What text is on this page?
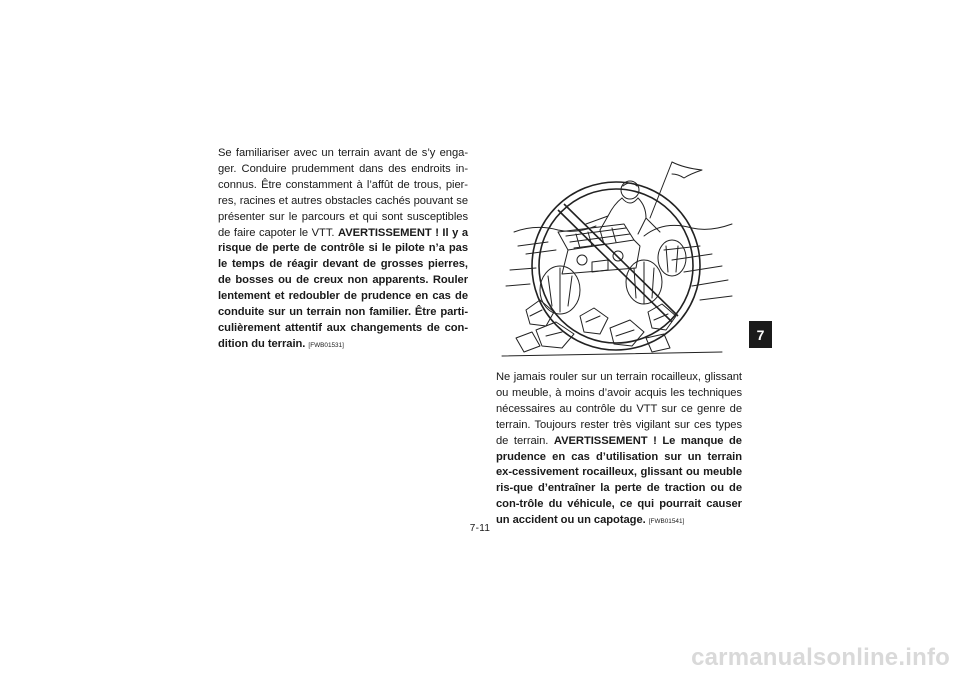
Se familiariser avec un terrain avant de s’y enga-ger. Conduire prudemment dans des endroits in-connus. Être constamment à l’affût de trous, pier-res, racines et autres obstacles cachés pouvant se présenter sur le parcours et qui sont susceptibles de faire capoter le VTT. AVERTISSEMENT ! Il y a risque de perte de contrôle si le pilote n’a pas le temps de réagir devant de grosses pierres, de bosses ou de creux non apparents. Rouler lentement et redoubler de prudence en cas de conduite sur un terrain non familier. Être parti-culièrement attentif aux changements de con-dition du terrain. [FWB01531]
Ne jamais rouler sur un terrain rocailleux, glissant ou meuble, à moins d’avoir acquis les techniques nécessaires au contrôle du VTT sur ce genre de terrain. Toujours rester très vigilant sur ces types de terrain. AVERTISSEMENT ! Le manque de prudence en cas d’utilisation sur un terrain ex-cessivement rocailleux, glissant ou meuble ris-que d’entraîner la perte de traction ou de con-trôle du véhicule, ce qui pourrait causer un accident ou un capotage. [FWB01541]
7
7-11
carmanualsonline.info
